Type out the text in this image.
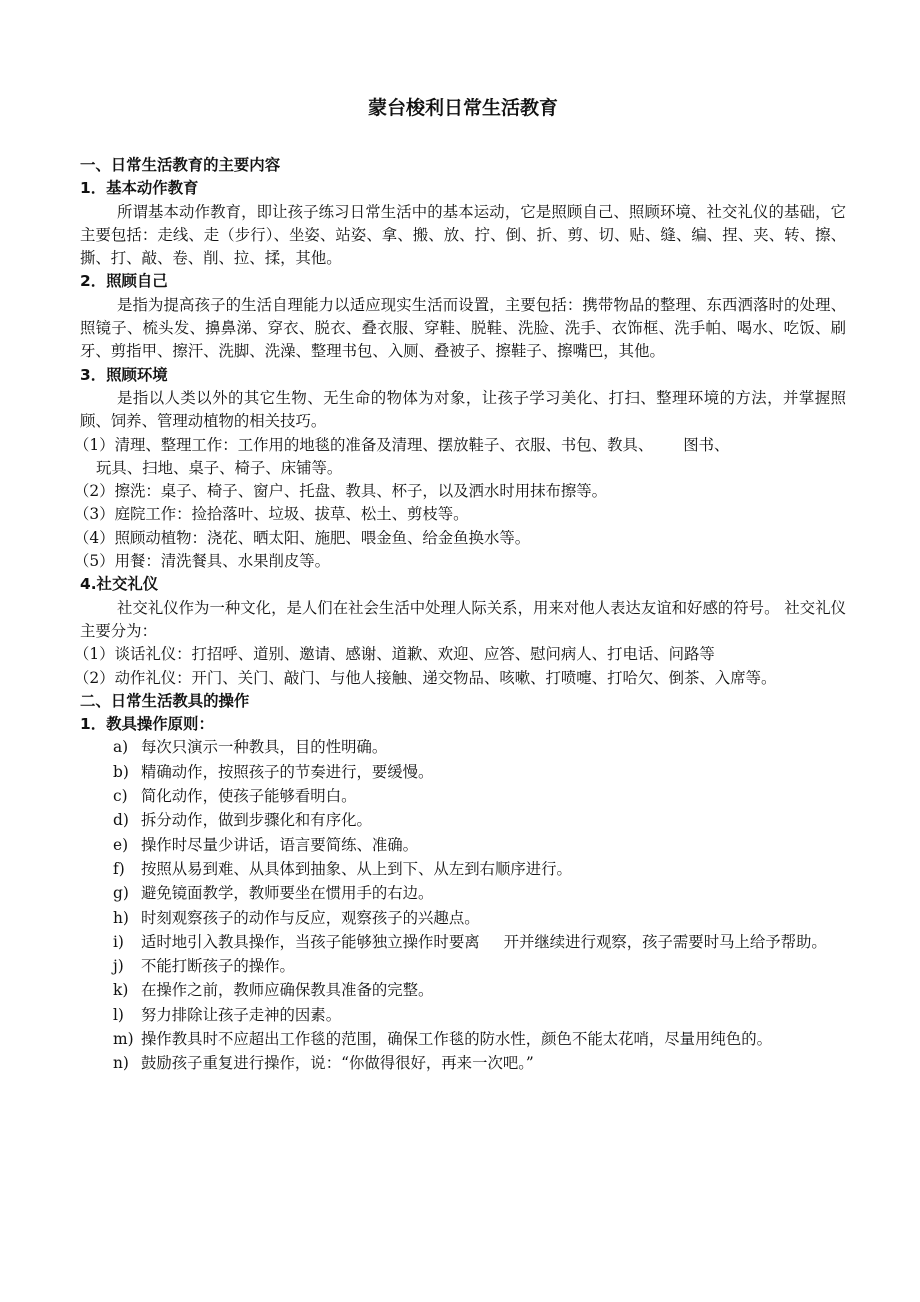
蒙台梭利日常生活教育
一、日常生活教育的主要内容
1．基本动作教育
所谓基本动作教育，即让孩子练习日常生活中的基本运动，它是照顾自己、照顾环境、社交礼仪的基础，它主要包括：走线、走（步行）、坐姿、站姿、拿、搬、放、拧、倒、折、剪、切、贴、缝、编、捏、夹、转、擦、撕、打、敲、卷、削、拉、揉，其他。
2．照顾自己
是指为提高孩子的生活自理能力以适应现实生活而设置，主要包括：携带物品的整理、东西洒落时的处理、照镜子、梳头发、擤鼻涕、穿衣、脱衣、叠衣服、穿鞋、脱鞋、洗脸、洗手、衣饰框、洗手帕、喝水、吃饭、刷牙、剪指甲、擦汗、洗脚、洗澡、整理书包、入厕、叠被子、擦鞋子、擦嘴巴，其他。
3．照顾环境
是指以人类以外的其它生物、无生命的物体为对象，让孩子学习美化、打扫、整理环境的方法，并掌握照顾、饲养、管理动植物的相关技巧。
（1）清理、整理工作：工作用的地毯的准备及清理、摆放鞋子、衣服、书包、教具、 图书、
玩具、扫地、桌子、椅子、床铺等。
（2）擦洗：桌子、椅子、窗户、托盘、教具、杯子，以及洒水时用抹布擦等。
（3）庭院工作：捡拾落叶、垃圾、拔草、松土、剪枝等。
（4）照顾动植物：浇花、晒太阳、施肥、喂金鱼、给金鱼换水等。
（5）用餐：清洗餐具、水果削皮等。
4.社交礼仪
社交礼仪作为一种文化，是人们在社会生活中处理人际关系，用来对他人表达友谊和好感的符号。 社交礼仪主要分为：
（1）谈话礼仪：打招呼、道别、邀请、感谢、道歉、欢迎、应答、慰问病人、打电话、问路等
（2）动作礼仪：开门、关门、敲门、与他人接触、递交物品、咳嗽、打喷嚏、打哈欠、倒茶、入席等。
二、日常生活教具的操作
1．教具操作原则：
a) 每次只演示一种教具，目的性明确。
b) 精确动作，按照孩子的节奏进行，要缓慢。
c) 简化动作，使孩子能够看明白。
d) 拆分动作，做到步骤化和有序化。
e) 操作时尽量少讲话，语言要简练、准确。
f)	按照从易到难、从具体到抽象、从上到下、从左到右顺序进行。
g) 避免镜面教学，教师要坐在惯用手的右边。
h) 时刻观察孩子的动作与反应，观察孩子的兴趣点。
i)	适时地引入教具操作，当孩子能够独立操作时要离 开并继续进行观察，孩子需要时马上给予帮助。
j)	不能打断孩子的操作。
k) 在操作之前，教师应确保教具准备的完整。
l)	努力排除让孩子走神的因素。
m) 操作教具时不应超出工作毯的范围，确保工作毯的防水性，颜色不能太花哨，尽量用纯色的。
n) 鼓励孩子重复进行操作，说：“你做得很好，再来一次吧。”
